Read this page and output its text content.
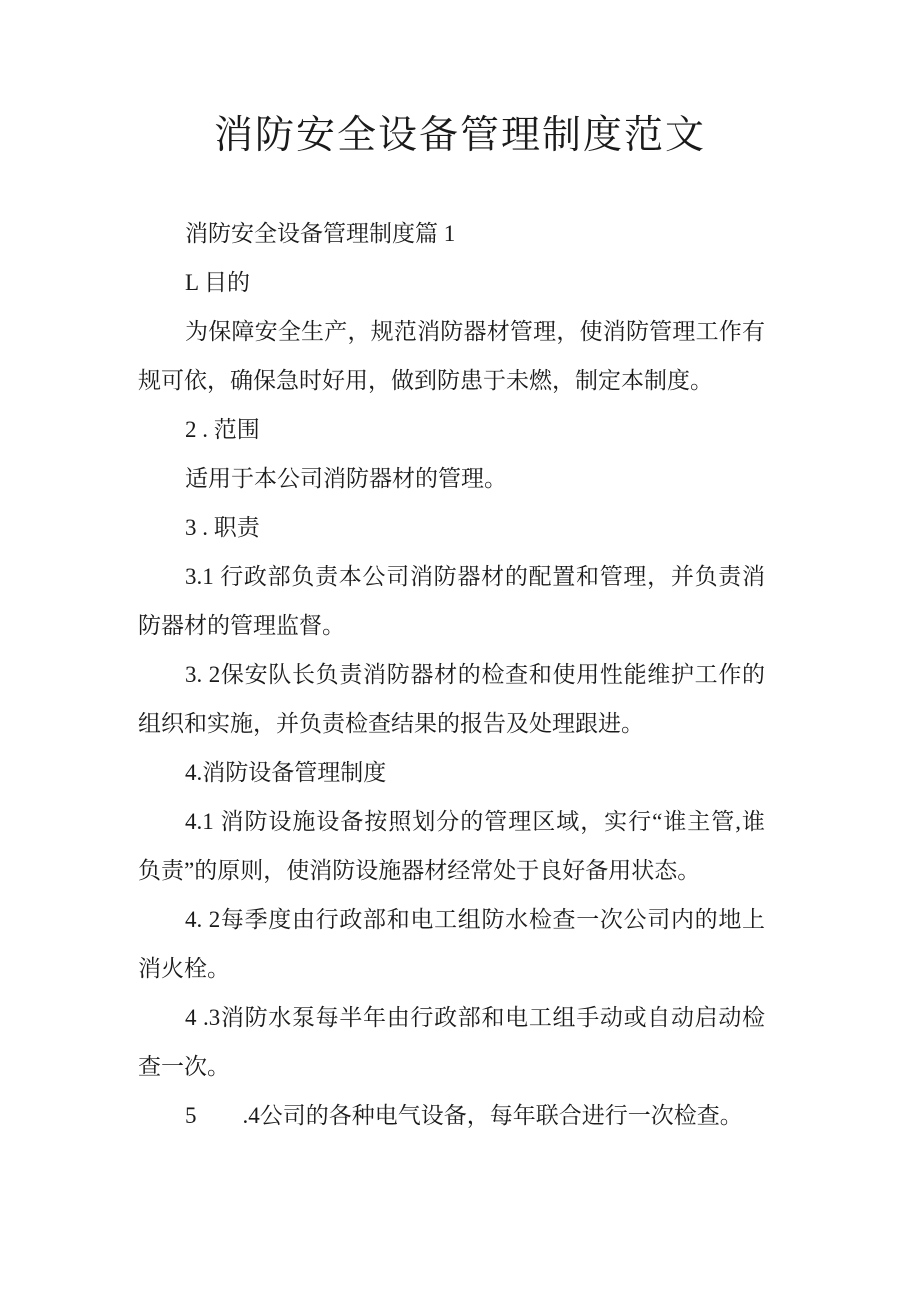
消防安全设备管理制度范文
消防安全设备管理制度篇 1
L 目的
为保障安全生产，规范消防器材管理，使消防管理工作有
规可依，确保急时好用，做到防患于未燃，制定本制度。
2 . 范围
适用于本公司消防器材的管理。
3 . 职责
3.1 行政部负责本公司消防器材的配置和管理，并负责消
防器材的管理监督。
3. 2保安队长负责消防器材的检查和使用性能维护工作的
组织和实施，并负责检查结果的报告及处理跟进。
4.消防设备管理制度
4.1 消防设施设备按照划分的管理区域，实行“谁主管,谁
负责”的原则，使消防设施器材经常处于良好备用状态。
4. 2每季度由行政部和电工组防水检查一次公司内的地上
消火栓。
4 .3消防水泵每半年由行政部和电工组手动或自动启动检
查一次。
5　　.4公司的各种电气设备，每年联合进行一次检查。
